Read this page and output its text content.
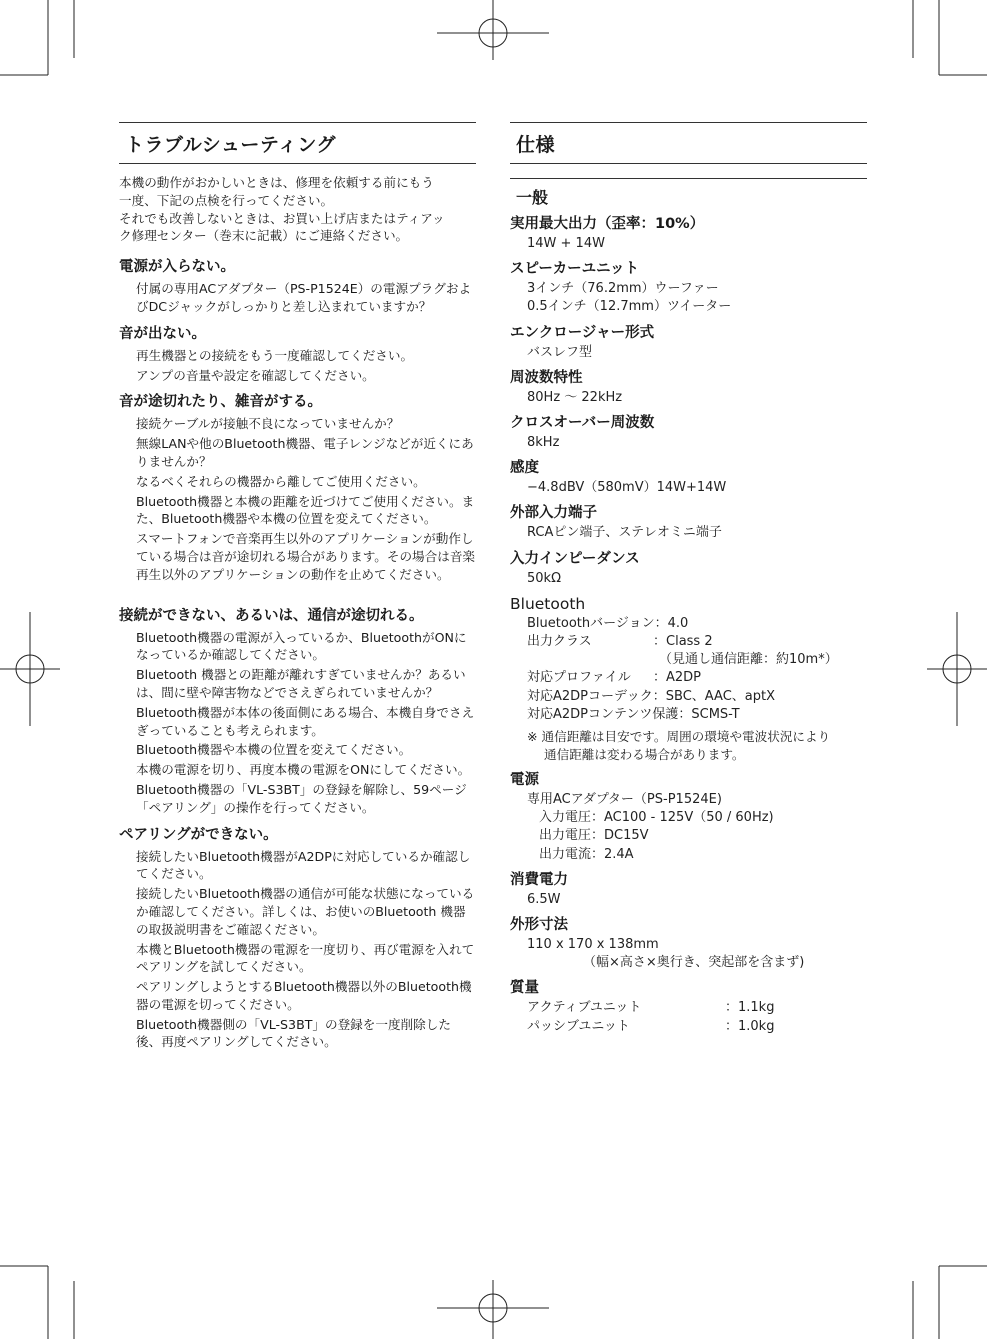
トラブルシューティング
本機の動作がおかしいときは、修理を依頼する前にもう
一度、下記の点検を行ってください。
それでも改善しないときは、お買い上げ店またはティアッ
ク修理センター（巻末に記載）にご連絡ください。
電源が入らない。
付属の専用ACアダプター（PS-P1524E）の電源プラグおよびDCジャックがしっかりと差し込まれていますか？
音が出ない。
再生機器との接続をもう一度確認してください。
アンプの音量や設定を確認してください。
音が途切れたり、雑音がする。
接続ケーブルが接触不良になっていませんか？
無線LANや他のBluetooth機器、電子レンジなどが近くにありませんか？
なるべくそれらの機器から離してご使用ください。
Bluetooth機器と本機の距離を近づけてご使用ください。また、Bluetooth機器や本機の位置を変えてください。
スマートフォンで音楽再生以外のアプリケーションが動作している場合は音が途切れる場合があります。その場合は音楽再生以外のアプリケーションの動作を止めてください。
接続ができない、あるいは、通信が途切れる。
Bluetooth機器の電源が入っているか、BluetoothがONになっているか確認してください。
Bluetooth 機器との距離が離れすぎていませんか？あるいは、間に壁や障害物などでさえぎられていませんか？
Bluetooth機器が本体の後面側にある場合、本機自身でさえぎっていることも考えられます。
Bluetooth機器や本機の位置を変えてください。
本機の電源を切り、再度本機の電源をONにしてください。
Bluetooth機器の「VL-S3BT」の登録を解除し、59ページ「ペアリング」の操作を行ってください。
ペアリングができない。
接続したいBluetooth機器がA2DPに対応しているか確認してください。
接続したいBluetooth機器の通信が可能な状態になっているか確認してください。詳しくは、お使いのBluetooth 機器の取扱説明書をご確認ください。
本機とBluetooth機器の電源を一度切り、再び電源を入れてペアリングを試してください。
ペアリングしようとするBluetooth機器以外のBluetooth機器の電源を切ってください。
Bluetooth機器側の「VL-S3BT」の登録を一度削除した後、再度ペアリングしてください。
仕様
一般
実用最大出力（歪率：10%）
14W + 14W
スピーカーユニット
3インチ（76.2mm）ウーファー
0.5インチ（12.7mm）ツイーター
エンクロージャー形式
バスレフ型
周波数特性
80Hz 〜 22kHz
クロスオーバー周波数
8kHz
感度
−4.8dBV（580mV）14W+14W
外部入力端子
RCAピン端子、ステレオミニ端子
入力インピーダンス
50kΩ
Bluetooth
Bluetoothバージョン：4.0
出力クラス	：Class 2
（見通し通信距離：約10m*）
対応プロファイル	：A2DP
対応A2DPコーデック：SBC、AAC、aptX
対応A2DPコンテンツ保護：SCMS-T
※ 通信距離は目安です。周囲の環境や電波状況により
通信距離は変わる場合があります。
電源
専用ACアダプター（PS-P1524E)
入力電圧：AC100 - 125V（50 / 60Hz)
出力電圧：DC15V
出力電流：2.4A
消費電力
6.5W
外形寸法
110 x 170 x 138mm
（幅×高さ×奥行き、突起部を含まず)
質量
アクティブユニット	：1.1kg
パッシブユニット	：1.0kg
